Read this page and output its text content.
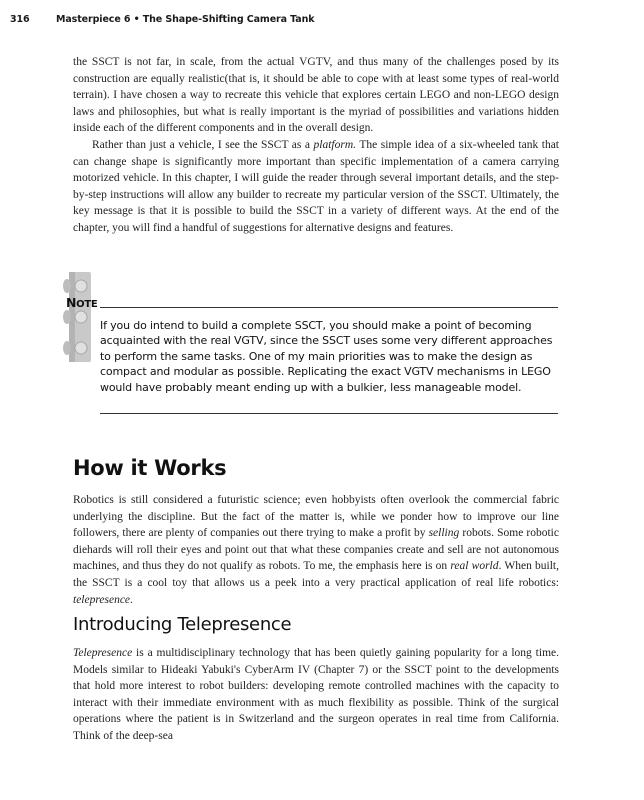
316	Masterpiece 6 • The Shape-Shifting Camera Tank

the SSCT is not far, in scale, from the actual VGTV, and thus many of the challenges posed by its construction are equally realistic(that is, it should be able to cope with at least some types of real-world terrain). I have chosen a way to recreate this vehicle that explores certain LEGO and non-LEGO design laws and philosophies, but what is really important is the myriad of possibilities and variations hidden inside each of the different components and in the overall design.

Rather than just a vehicle, I see the SSCT as a platform. The simple idea of a six-wheeled tank that can change shape is significantly more important than specific implementation of a camera carrying motorized vehicle. In this chapter, I will guide the reader through several important details, and the step-by-step instructions will allow any builder to recreate my particular version of the SSCT. Ultimately, the key message is that it is possible to build the SSCT in a variety of different ways. At the end of the chapter, you will find a handful of suggestions for alternative designs and features.

NOTE
If you do intend to build a complete SSCT, you should make a point of becoming acquainted with the real VGTV, since the SSCT uses some very different approaches to perform the same tasks. One of my main priorities was to make the design as compact and modular as possible. Replicating the exact VGTV mechanisms in LEGO would have probably meant ending up with a bulkier, less manageable model.
How it Works

Robotics is still considered a futuristic science; even hobbyists often overlook the commercial fabric underlying the discipline. But the fact of the matter is, while we ponder how to improve our line followers, there are plenty of companies out there trying to make a profit by selling robots. Some robotic diehards will roll their eyes and point out that what these companies create and sell are not autonomous machines, and thus they do not qualify as robots. To me, the emphasis here is on real world. When built, the SSCT is a cool toy that allows us a peek into a very practical application of real life robotics: telepresence.

Introducing Telepresence

Telepresence is a multidisciplinary technology that has been quietly gaining popularity for a long time. Models similar to Hideaki Yabuki's CyberArm IV (Chapter 7) or the SSCT point to the developments that hold more interest to robot builders: developing remote controlled machines with the capacity to interact with their immediate environment with as much flexibility as possible. Think of the surgical operations where the patient is in Switzerland and the surgeon operates in real time from California. Think of the deep-sea
